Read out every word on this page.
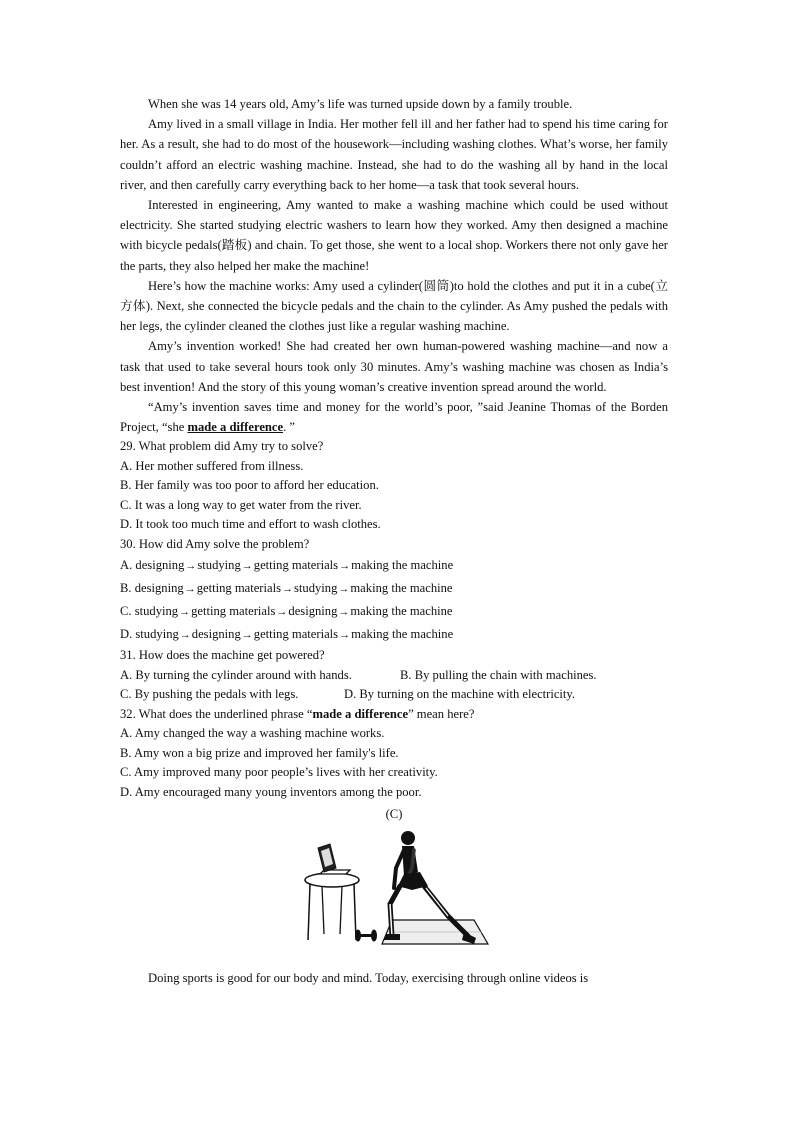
When she was 14 years old, Amy’s life was turned upside down by a family trouble.

Amy lived in a small village in India. Her mother fell ill and her father had to spend his time caring for her. As a result, she had to do most of the housework—including washing clothes. What’s worse, her family couldn’t afford an electric washing machine. Instead, she had to do the washing all by hand in the local river, and then carefully carry everything back to her home—a task that took several hours.

Interested in engineering, Amy wanted to make a washing machine which could be used without electricity. She started studying electric washers to learn how they worked. Amy then designed a machine with bicycle pedals(踏板) and chain. To get those, she went to a local shop. Workers there not only gave her the parts, they also helped her make the machine!

Here’s how the machine works: Amy used a cylinder(圆筒)to hold the clothes and put it in a cube(立方体). Next, she connected the bicycle pedals and the chain to the cylinder. As Amy pushed the pedals with her legs, the cylinder cleaned the clothes just like a regular washing machine.

Amy’s invention worked! She had created her own human-powered washing machine—and now a task that used to take several hours took only 30 minutes. Amy’s washing machine was chosen as India’s best invention! And the story of this young woman’s creative invention spread around the world.

“Amy’s invention saves time and money for the world’s poor, ”said Jeanine Thomas of the Borden Project, “she made a difference. ”

29. What problem did Amy try to solve?

A. Her mother suffered from illness.

B. Her family was too poor to afford her education.

C. It was a long way to get water from the river.

D. It took too much time and effort to wash clothes.

30. How did Amy solve the problem?

A. designing→studying→getting materials→making the machine

B. designing→getting materials→studying→making the machine

C. studying→getting materials→designing→making the machine

D. studying→designing→getting materials→making the machine

31. How does the machine get powered?

A. By turning the cylinder around with hands.	B. By pulling the chain with machines.
C. By pushing the pedals with legs.	D. By turning on the machine with electricity.

32. What does the underlined phrase “made a difference” mean here?

A. Amy changed the way a washing machine works.

B. Amy won a big prize and improved her family's life.

C. Amy improved many poor people’s lives with her creativity.

D. Amy encouraged many young inventors among the poor.

(C)

Doing sports is good for our body and mind. Today, exercising through online videos is
